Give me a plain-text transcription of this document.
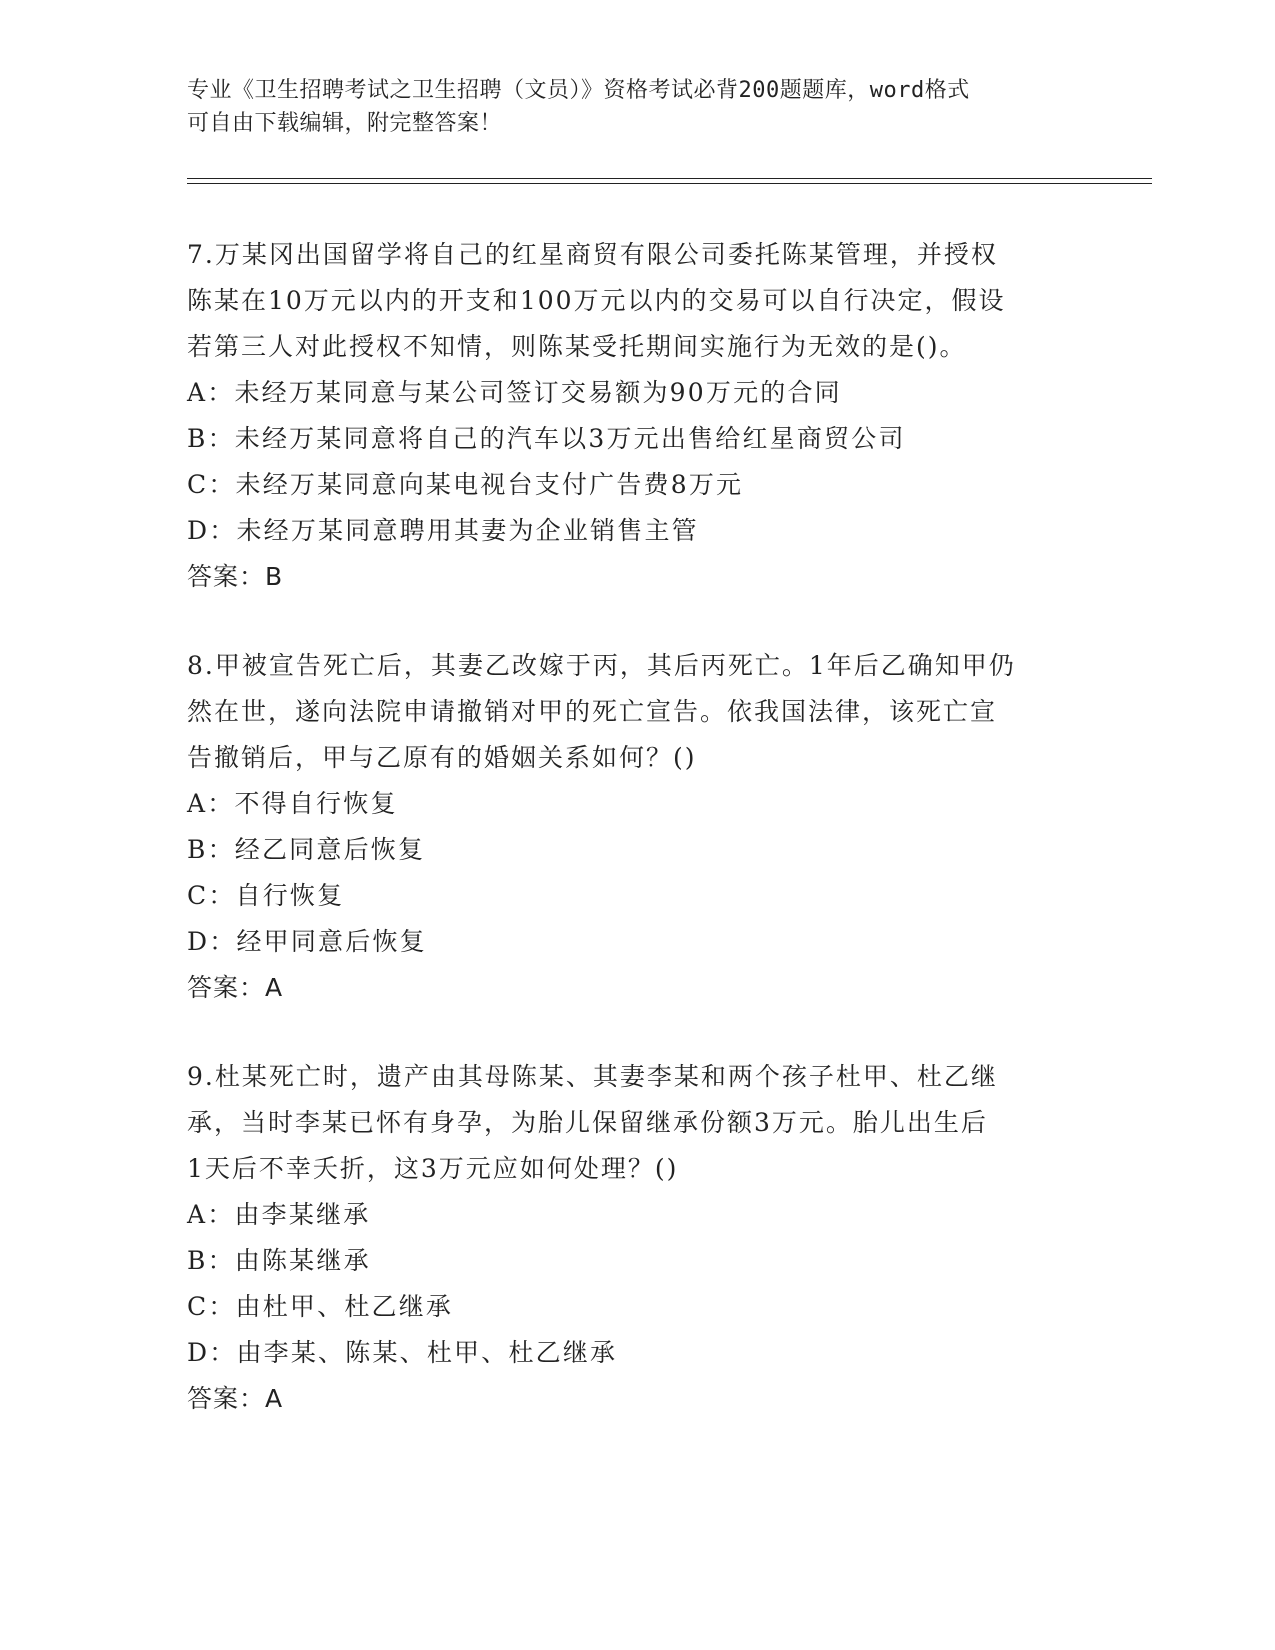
专业《卫生招聘考试之卫生招聘（文员）》资格考试必背200题题库，word格式
可自由下载编辑，附完整答案！
7.万某冈出国留学将自己的红星商贸有限公司委托陈某管理，并授权
陈某在10万元以内的开支和100万元以内的交易可以自行决定，假设
若第三人对此授权不知情，则陈某受托期间实施行为无效的是()。
A：未经万某同意与某公司签订交易额为90万元的合同
B：未经万某同意将自己的汽车以3万元出售给红星商贸公司
C：未经万某同意向某电视台支付广告费8万元
D：未经万某同意聘用其妻为企业销售主管
答案：B
8.甲被宣告死亡后，其妻乙改嫁于丙，其后丙死亡。1年后乙确知甲仍
然在世，遂向法院申请撤销对甲的死亡宣告。依我国法律，该死亡宣
告撤销后，甲与乙原有的婚姻关系如何？()
A：不得自行恢复
B：经乙同意后恢复
C：自行恢复
D：经甲同意后恢复
答案：A
9.杜某死亡时，遗产由其母陈某、其妻李某和两个孩子杜甲、杜乙继
承，当时李某已怀有身孕，为胎儿保留继承份额3万元。胎儿出生后
1天后不幸夭折，这3万元应如何处理？()
A：由李某继承
B：由陈某继承
C：由杜甲、杜乙继承
D：由李某、陈某、杜甲、杜乙继承
答案：A
